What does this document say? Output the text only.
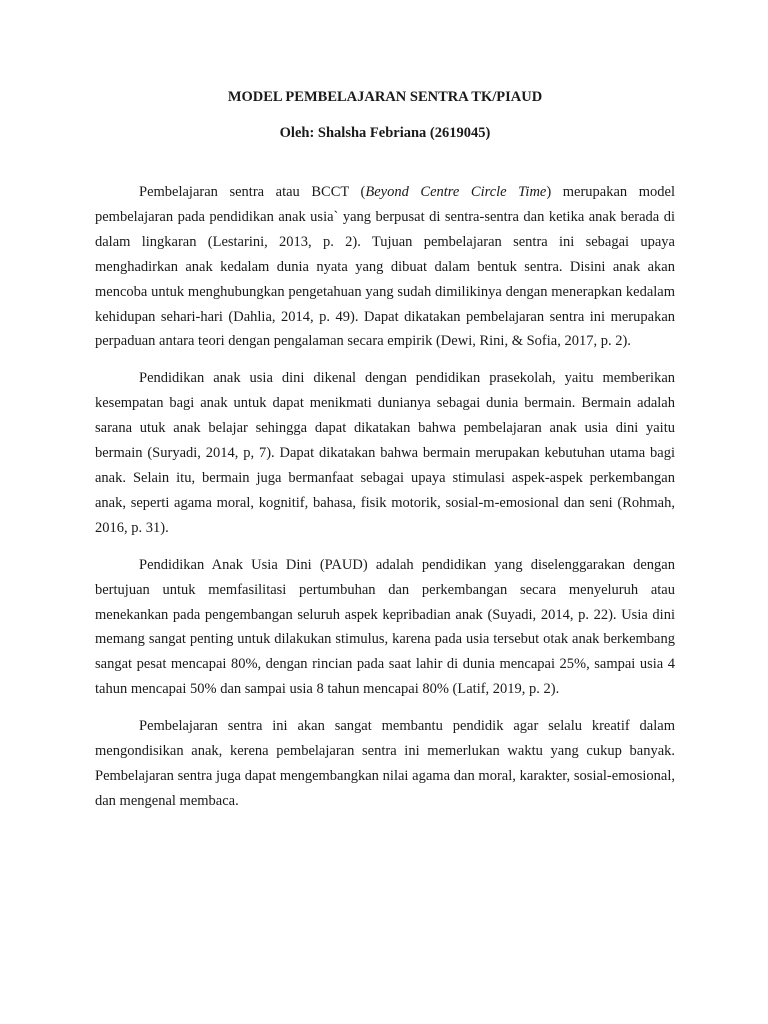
MODEL PEMBELAJARAN SENTRA TK/PIAUD

Oleh: Shalsha Febriana (2619045)

Pembelajaran sentra atau BCCT (Beyond Centre Circle Time) merupakan model pembelajaran pada pendidikan anak usia` yang berpusat di sentra-sentra dan ketika anak berada di dalam lingkaran (Lestarini, 2013, p. 2). Tujuan pembelajaran sentra ini sebagai upaya menghadirkan anak kedalam dunia nyata yang dibuat dalam bentuk sentra. Disini anak akan mencoba untuk menghubungkan pengetahuan yang sudah dimilikinya dengan menerapkan kedalam kehidupan sehari-hari (Dahlia, 2014, p. 49). Dapat dikatakan pembelajaran sentra ini merupakan perpaduan antara teori dengan pengalaman secara empirik (Dewi, Rini, & Sofia, 2017, p. 2).

Pendidikan anak usia dini dikenal dengan pendidikan prasekolah, yaitu memberikan kesempatan bagi anak untuk dapat menikmati dunianya sebagai dunia bermain. Bermain adalah sarana utuk anak belajar sehingga dapat dikatakan bahwa pembelajaran anak usia dini yaitu bermain (Suryadi, 2014, p, 7). Dapat dikatakan bahwa bermain merupakan kebutuhan utama bagi anak. Selain itu, bermain juga bermanfaat sebagai upaya stimulasi aspek-aspek perkembangan anak, seperti agama moral, kognitif, bahasa, fisik motorik, sosial-m-emosional dan seni (Rohmah, 2016, p. 31).

Pendidikan Anak Usia Dini (PAUD) adalah pendidikan yang diselenggarakan dengan bertujuan untuk memfasilitasi pertumbuhan dan perkembangan secara menyeluruh atau menekankan pada pengembangan seluruh aspek kepribadian anak (Suyadi, 2014, p. 22). Usia dini memang sangat penting untuk dilakukan stimulus, karena pada usia tersebut otak anak berkembang sangat pesat mencapai 80%, dengan rincian pada saat lahir di dunia mencapai 25%, sampai usia 4 tahun mencapai 50% dan sampai usia 8 tahun mencapai 80% (Latif, 2019, p. 2).

Pembelajaran sentra ini akan sangat membantu pendidik agar selalu kreatif dalam mengondisikan anak, kerena pembelajaran sentra ini memerlukan waktu yang cukup banyak. Pembelajaran sentra juga dapat mengembangkan nilai agama dan moral, karakter, sosial-emosional, dan mengenal membaca.
